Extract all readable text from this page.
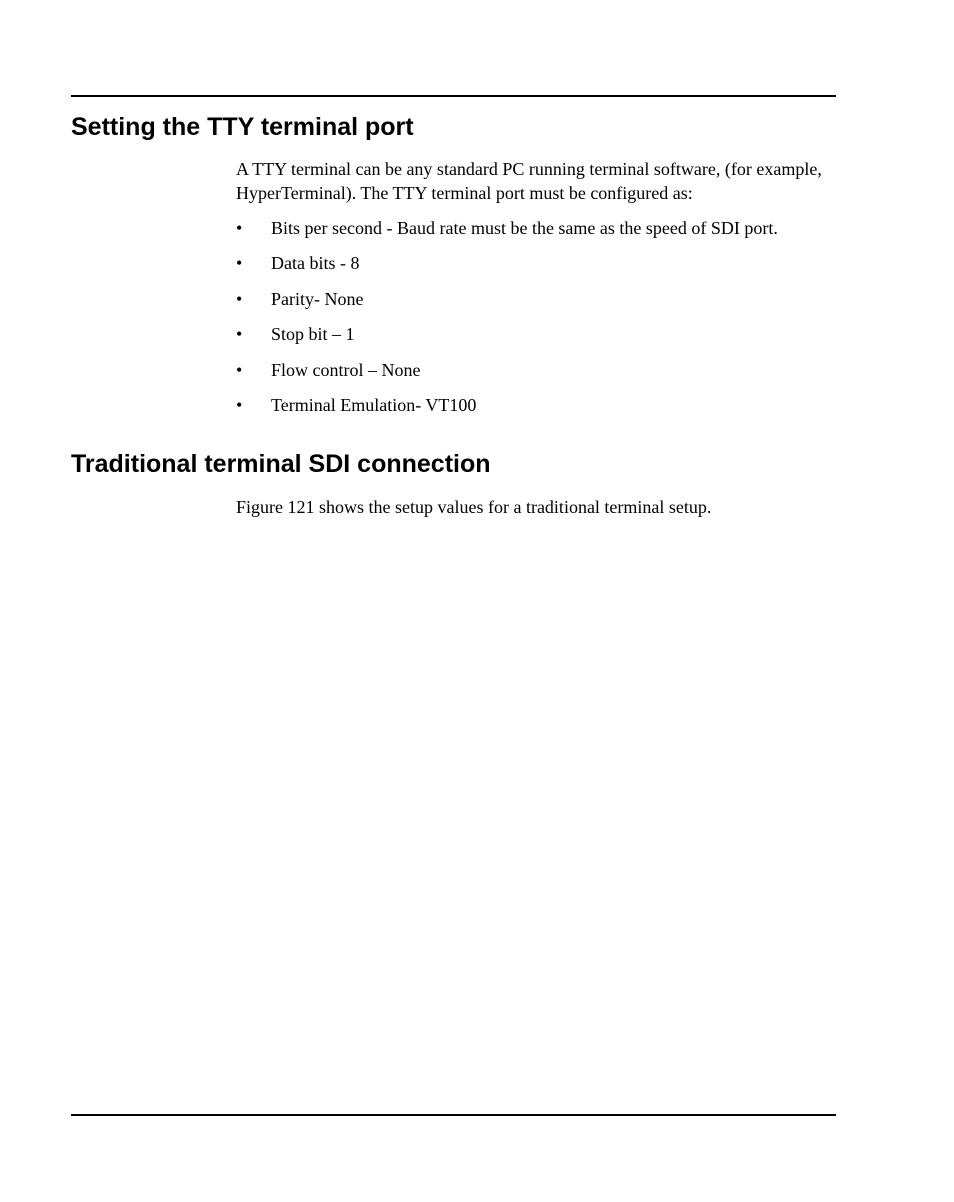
Setting the TTY terminal port

A TTY terminal can be any standard PC running terminal software, (for example, HyperTerminal). The TTY terminal port must be configured as:

• Bits per second - Baud rate must be the same as the speed of SDI port.
• Data bits - 8
• Parity- None
• Stop bit – 1
• Flow control – None
• Terminal Emulation- VT100
Traditional terminal SDI connection

Figure 121 shows the setup values for a traditional terminal setup.
